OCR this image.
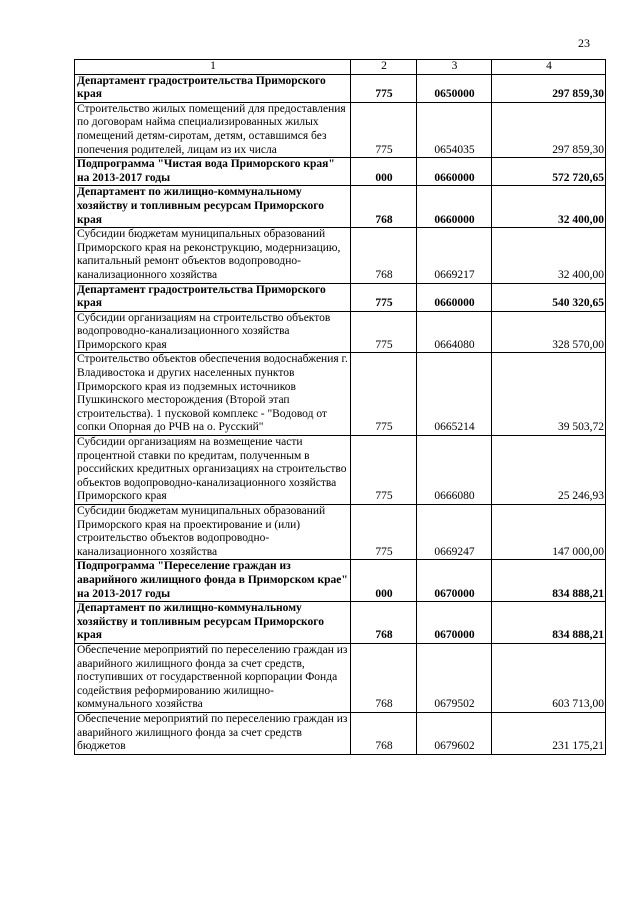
23
1	2	3	4
Департамент градостроительства Приморского края	775	0650000	297 859,30
Строительство жилых помещений для предоставления по договорам найма специализированных жилых помещений детям-сиротам, детям, оставшимся без попечения родителей, лицам из их числа	775	0654035	297 859,30
Подпрограмма "Чистая вода Приморского края" на 2013-2017 годы	000	0660000	572 720,65
Департамент по жилищно-коммунальному хозяйству и топливным ресурсам Приморского края	768	0660000	32 400,00
Субсидии бюджетам муниципальных образований Приморского края на реконструкцию, модернизацию, капитальный ремонт объектов водопроводно-канализационного хозяйства	768	0669217	32 400,00
Департамент градостроительства Приморского края	775	0660000	540 320,65
Субсидии организациям на строительство объектов водопроводно-канализационного хозяйства Приморского края	775	0664080	328 570,00
Строительство объектов обеспечения водоснабжения г. Владивостока и других населенных пунктов Приморского края из подземных источников Пушкинского месторождения (Второй этап строительства). 1 пусковой комплекс - "Водовод от сопки Опорная до РЧВ на о. Русский"	775	0665214	39 503,72
Субсидии организациям на возмещение части процентной ставки по кредитам, полученным в российских кредитных организациях на строительство объектов водопроводно-канализационного хозяйства Приморского края	775	0666080	25 246,93
Субсидии бюджетам муниципальных образований Приморского края на проектирование и (или) строительство объектов водопроводно-канализационного хозяйства	775	0669247	147 000,00
Подпрограмма "Переселение граждан из аварийного жилищного фонда в Приморском крае" на 2013-2017 годы	000	0670000	834 888,21
Департамент по жилищно-коммунальному хозяйству и топливным ресурсам Приморского края	768	0670000	834 888,21
Обеспечение мероприятий по переселению граждан из аварийного жилищного фонда за счет средств, поступивших от государственной корпорации Фонда содействия реформированию жилищно-коммунального хозяйства	768	0679502	603 713,00
Обеспечение мероприятий по переселению граждан из аварийного жилищного фонда за счет средств бюджетов	768	0679602	231 175,21
